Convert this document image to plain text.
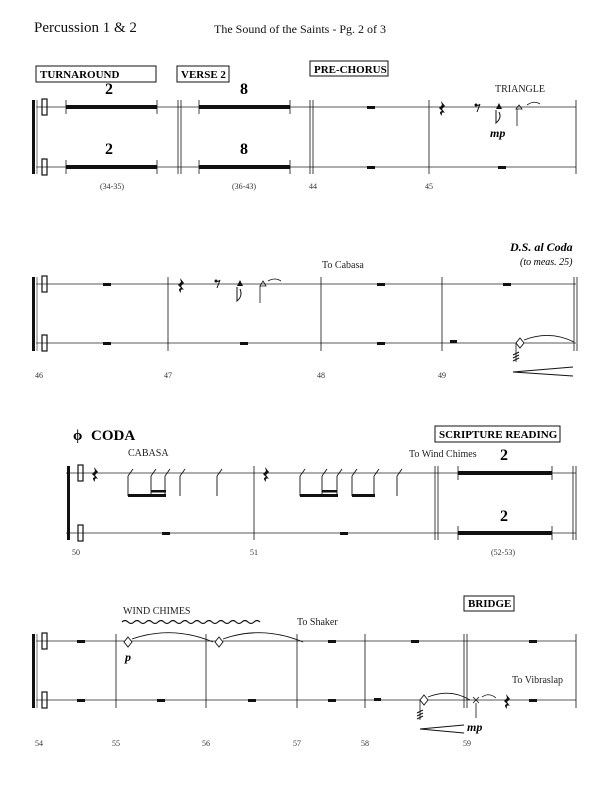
Percussion 1 & 2	The Sound of the Saints - Pg. 2 of 3
TURNAROUND	VERSE 2	PRE-CHORUS
2
2
(34-35)
8
8
(36-43)	44	45
mp
TRIANGLE
D.S. al Coda
(to meas. 25)
To Cabasa
46	47	48	49
ϕ CODA
CABASA
SCRIPTURE READING
To Wind Chimes 2
50	51
2
(52-53)
WIND CHIMES
To Shaker
BRIDGE
To Vibraslap
54	55
p
56	57	58	59
mp
